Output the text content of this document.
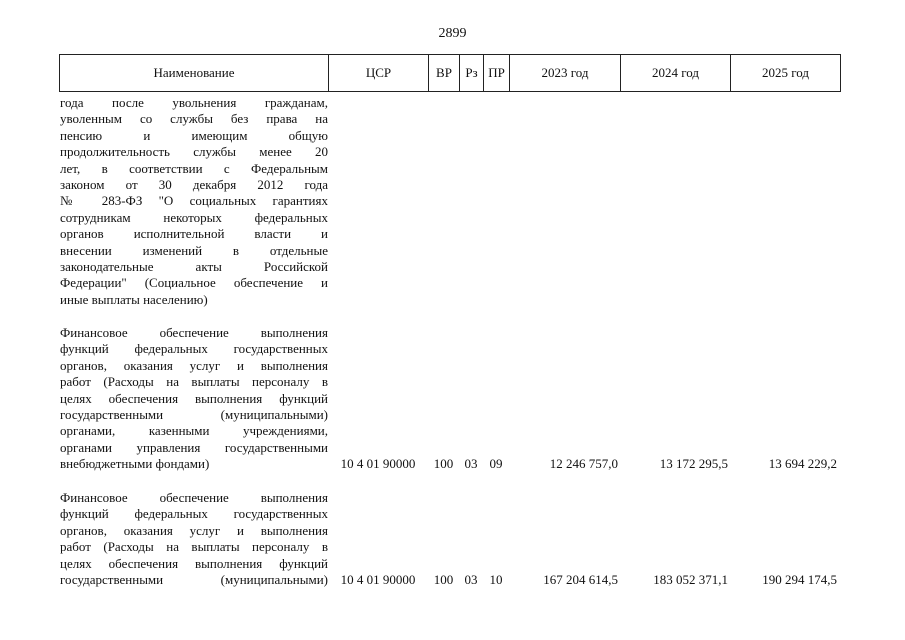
2899
Наименование	ЦСР	ВР	Рз ПР	2023 год	2024 год	2025 год
года после увольнения гражданам,
уволенным со службы без права на
пенсию и имеющим общую
продолжительность службы менее 20
лет, в соответствии с Федеральным
законом от 30 декабря 2012 года
№ 283-ФЗ "О социальных гарантиях
сотрудникам некоторых федеральных
органов исполнительной власти и
внесении изменений в отдельные
законодательные акты Российской
Федерации" (Социальное обеспечение и
иные выплаты населению)
Финансовое обеспечение выполнения
функций федеральных государственных
органов, оказания услуг и выполнения
работ (Расходы на выплаты персоналу в
целях обеспечения выполнения функций
государственными (муниципальными)
органами, казенными учреждениями,
органами управления государственными
внебюджетными фондами)	10 4 01 90000	100 03 09	12 246 757,0	13 172 295,5	13 694 229,2
Финансовое обеспечение выполнения
функций федеральных государственных
органов, оказания услуг и выполнения
работ (Расходы на выплаты персоналу в
целях обеспечения выполнения функций
государственными (муниципальными) 10 4 01 90000	100 03 10	167 204 614,5	183 052 371,1	190 294 174,5
